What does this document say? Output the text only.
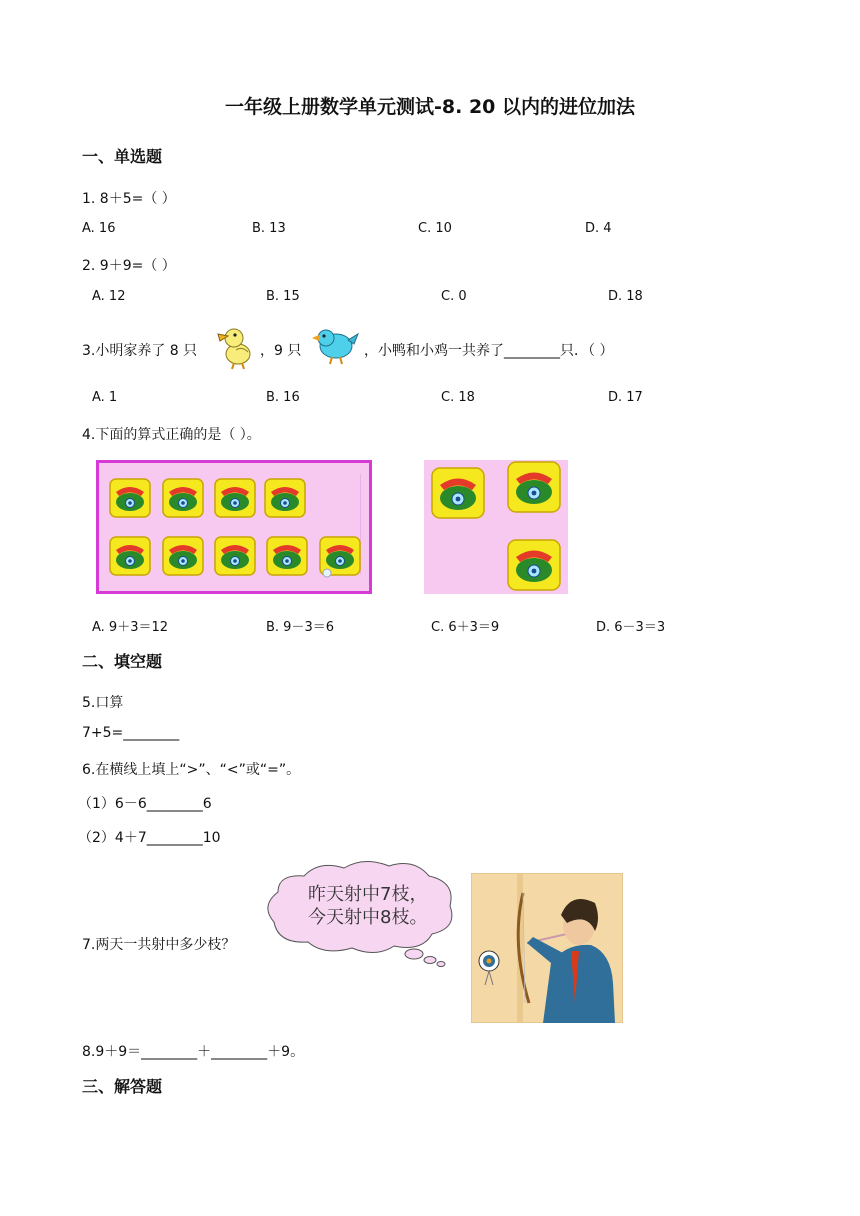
一年级上册数学单元测试-8. 20 以内的进位加法
一、单选题
1. 8＋5=（ ）
A. 16	B. 13	C. 10	D. 4
2. 9＋9=（ ）
A. 12	B. 15	C. 0	D. 18
3.小明家养了 8 只	，9 只	，小鸭和小鸡一共养了________只．（ ）
A. 1	B. 16	C. 18	D. 17
4.下面的算式正确的是（ ）。
A. 9＋3＝12	B. 9－3＝6	C. 6＋3＝9	D. 6－3＝3
二、填空题
5.口算
7+5=________
6.在横线上填上“>”、“<”或“=”。
（1）6－6________6
（2）4＋7________10
7.两天一共射中多少枝？
昨天射中7枝，
今天射中8枝。
8.9＋9＝________＋________＋9。
三、解答题
